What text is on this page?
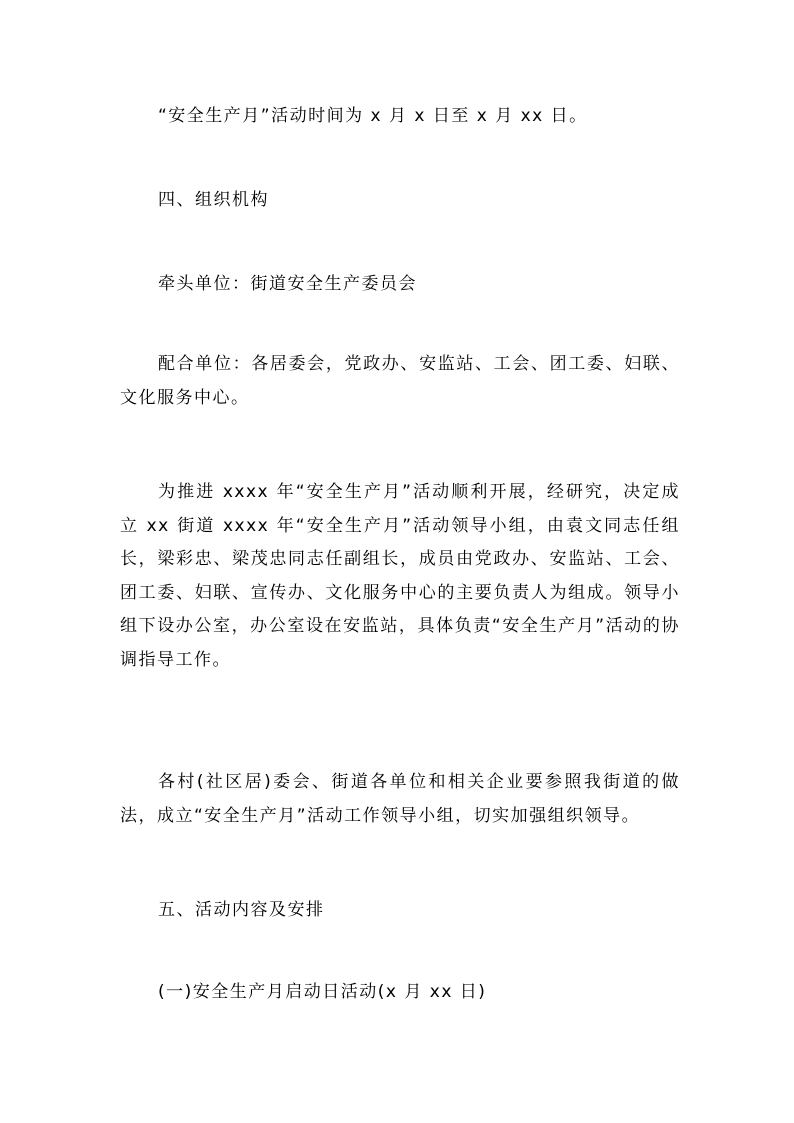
“安全生产月”活动时间为 x 月 x 日至 x 月 xx 日。

四、组织机构

牵头单位：街道安全生产委员会

配合单位：各居委会，党政办、安监站、工会、团工委、妇联、文化服务中心。

为推进 xxxx 年“安全生产月”活动顺利开展，经研究，决定成立 xx 街道 xxxx 年“安全生产月”活动领导小组，由袁文同志任组长，梁彩忠、梁茂忠同志任副组长，成员由党政办、安监站、工会、团工委、妇联、宣传办、文化服务中心的主要负责人为组成。领导小组下设办公室，办公室设在安监站，具体负责“安全生产月”活动的协调指导工作。

各村(社区居)委会、街道各单位和相关企业要参照我街道的做法，成立“安全生产月”活动工作领导小组，切实加强组织领导。

五、活动内容及安排

(一)安全生产月启动日活动(x 月 xx 日)
